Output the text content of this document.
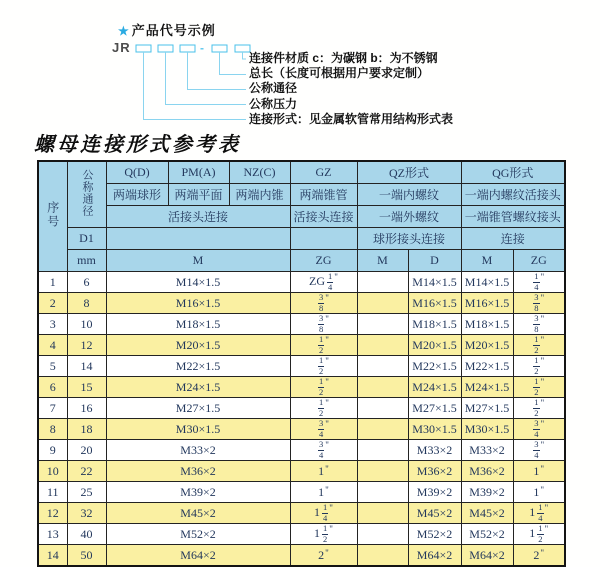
★ 产品代号示例
JR	-
连接件材质 c：为碳钢 b：为不锈钢
总长（长度可根据用户要求定制）
公称通径
公称压力
连接形式：见金属软管常用结构形式表
螺母连接形式参考表
序号	公称通径	Q(D)	PM(A)	NZ(C)	GZ	QZ形式		QG形式	
		两端球形	两端平面	两端内锥	两端锥管	一端内螺纹		一端内螺纹活接头	
		活接头连接			活接头连接	一端外螺纹		一端锥管螺纹接头	
	D1					球形接头连接		连接	
	mm	M			ZG	M	D	M	ZG
1	6	M14×1.5			ZG $\frac{1}{4} ^"$		M14×1.5	M14×1.5	$\frac{1}{4} ^"$
2	8	M16×1.5			$\frac{3}{8} ^"$		M16×1.5	M16×1.5	$\frac{3}{8} ^"$
3	10	M18×1.5			$\frac{3}{8} ^"$		M18×1.5	M18×1.5	$\frac{3}{8} ^"$
4	12	M20×1.5			$\frac{1}{2} ^"$		M20×1.5	M20×1.5	$\frac{1}{2} ^"$
5	14	M22×1.5			$\frac{1}{2} ^"$		M22×1.5	M22×1.5	$\frac{1}{2} ^"$
6	15	M24×1.5			$\frac{1}{2} ^"$		M24×1.5	M24×1.5	$\frac{1}{2} ^"$
7	16	M27×1.5			$\frac{1}{2} ^"$		M27×1.5	M27×1.5	$\frac{1}{2} ^"$
8	18	M30×1.5			$\frac{3}{4} ^"$		M30×1.5	M30×1.5	$\frac{3}{4} ^"$
9	20	M33×2			$\frac{3}{4} ^"$		M33×2	M33×2	$\frac{3}{4} ^"$
10	22	M36×2			1"		M36×2	M36×2	1"
11	25	M39×2			1"		M39×2	M39×2	1"
12	32	M45×2			$1 \frac{1}{4} ^"$		M45×2	M45×2	$1 \frac{1}{4} ^"$
13	40	M52×2			$1 \frac{1}{2} ^"$		M52×2	M52×2	$1 \frac{1}{2} ^"$
14	50	M64×2			2"		M64×2	M64×2	2"
